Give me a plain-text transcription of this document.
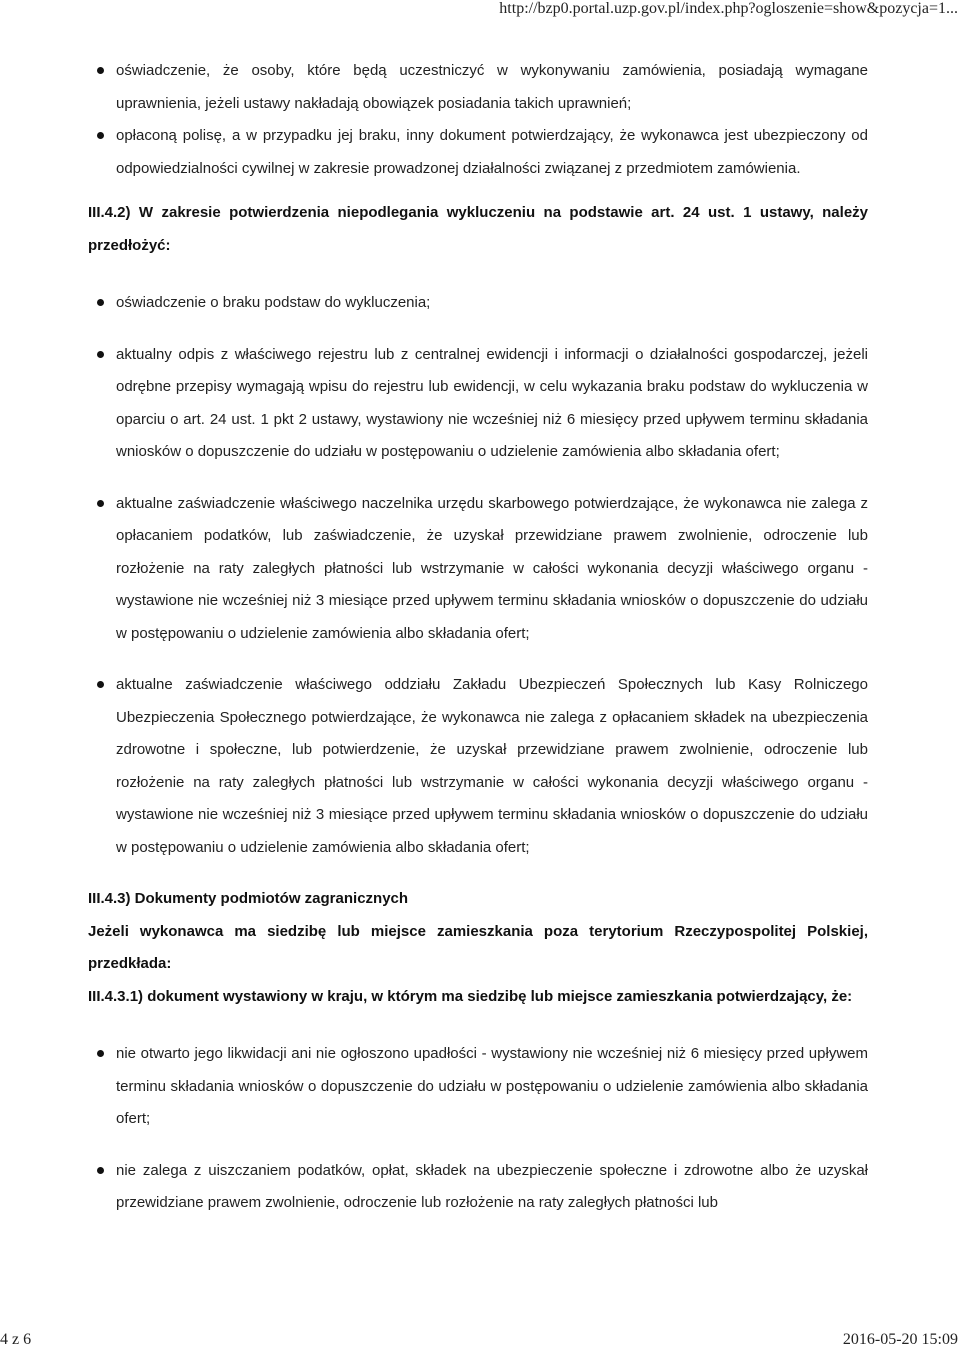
http://bzp0.portal.uzp.gov.pl/index.php?ogloszenie=show&pozycja=1...
oświadczenie, że osoby, które będą uczestniczyć w wykonywaniu zamówienia, posiadają wymagane uprawnienia, jeżeli ustawy nakładają obowiązek posiadania takich uprawnień;
opłaconą polisę, a w przypadku jej braku, inny dokument potwierdzający, że wykonawca jest ubezpieczony od odpowiedzialności cywilnej w zakresie prowadzonej działalności związanej z przedmiotem zamówienia.

III.4.2) W zakresie potwierdzenia niepodlegania wykluczeniu na podstawie art. 24 ust. 1 ustawy, należy przedłożyć:

oświadczenie o braku podstaw do wykluczenia;
aktualny odpis z właściwego rejestru lub z centralnej ewidencji i informacji o działalności gospodarczej, jeżeli odrębne przepisy wymagają wpisu do rejestru lub ewidencji, w celu wykazania braku podstaw do wykluczenia w oparciu o art. 24 ust. 1 pkt 2 ustawy, wystawiony nie wcześniej niż 6 miesięcy przed upływem terminu składania wniosków o dopuszczenie do udziału w postępowaniu o udzielenie zamówienia albo składania ofert;
aktualne zaświadczenie właściwego naczelnika urzędu skarbowego potwierdzające, że wykonawca nie zalega z opłacaniem podatków, lub zaświadczenie, że uzyskał przewidziane prawem zwolnienie, odroczenie lub rozłożenie na raty zaległych płatności lub wstrzymanie w całości wykonania decyzji właściwego organu - wystawione nie wcześniej niż 3 miesiące przed upływem terminu składania wniosków o dopuszczenie do udziału w postępowaniu o udzielenie zamówienia albo składania ofert;
aktualne zaświadczenie właściwego oddziału Zakładu Ubezpieczeń Społecznych lub Kasy Rolniczego Ubezpieczenia Społecznego potwierdzające, że wykonawca nie zalega z opłacaniem składek na ubezpieczenia zdrowotne i społeczne, lub potwierdzenie, że uzyskał przewidziane prawem zwolnienie, odroczenie lub rozłożenie na raty zaległych płatności lub wstrzymanie w całości wykonania decyzji właściwego organu - wystawione nie wcześniej niż 3 miesiące przed upływem terminu składania wniosków o dopuszczenie do udziału w postępowaniu o udzielenie zamówienia albo składania ofert;

III.4.3) Dokumenty podmiotów zagranicznych

Jeżeli wykonawca ma siedzibę lub miejsce zamieszkania poza terytorium Rzeczypospolitej Polskiej, przedkłada:

III.4.3.1) dokument wystawiony w kraju, w którym ma siedzibę lub miejsce zamieszkania potwierdzający, że:

nie otwarto jego likwidacji ani nie ogłoszono upadłości - wystawiony nie wcześniej niż 6 miesięcy przed upływem terminu składania wniosków o dopuszczenie do udziału w postępowaniu o udzielenie zamówienia albo składania ofert;
nie zalega z uiszczaniem podatków, opłat, składek na ubezpieczenie społeczne i zdrowotne albo że uzyskał przewidziane prawem zwolnienie, odroczenie lub rozłożenie na raty zaległych płatności lub
4 z 6	2016-05-20 15:09
